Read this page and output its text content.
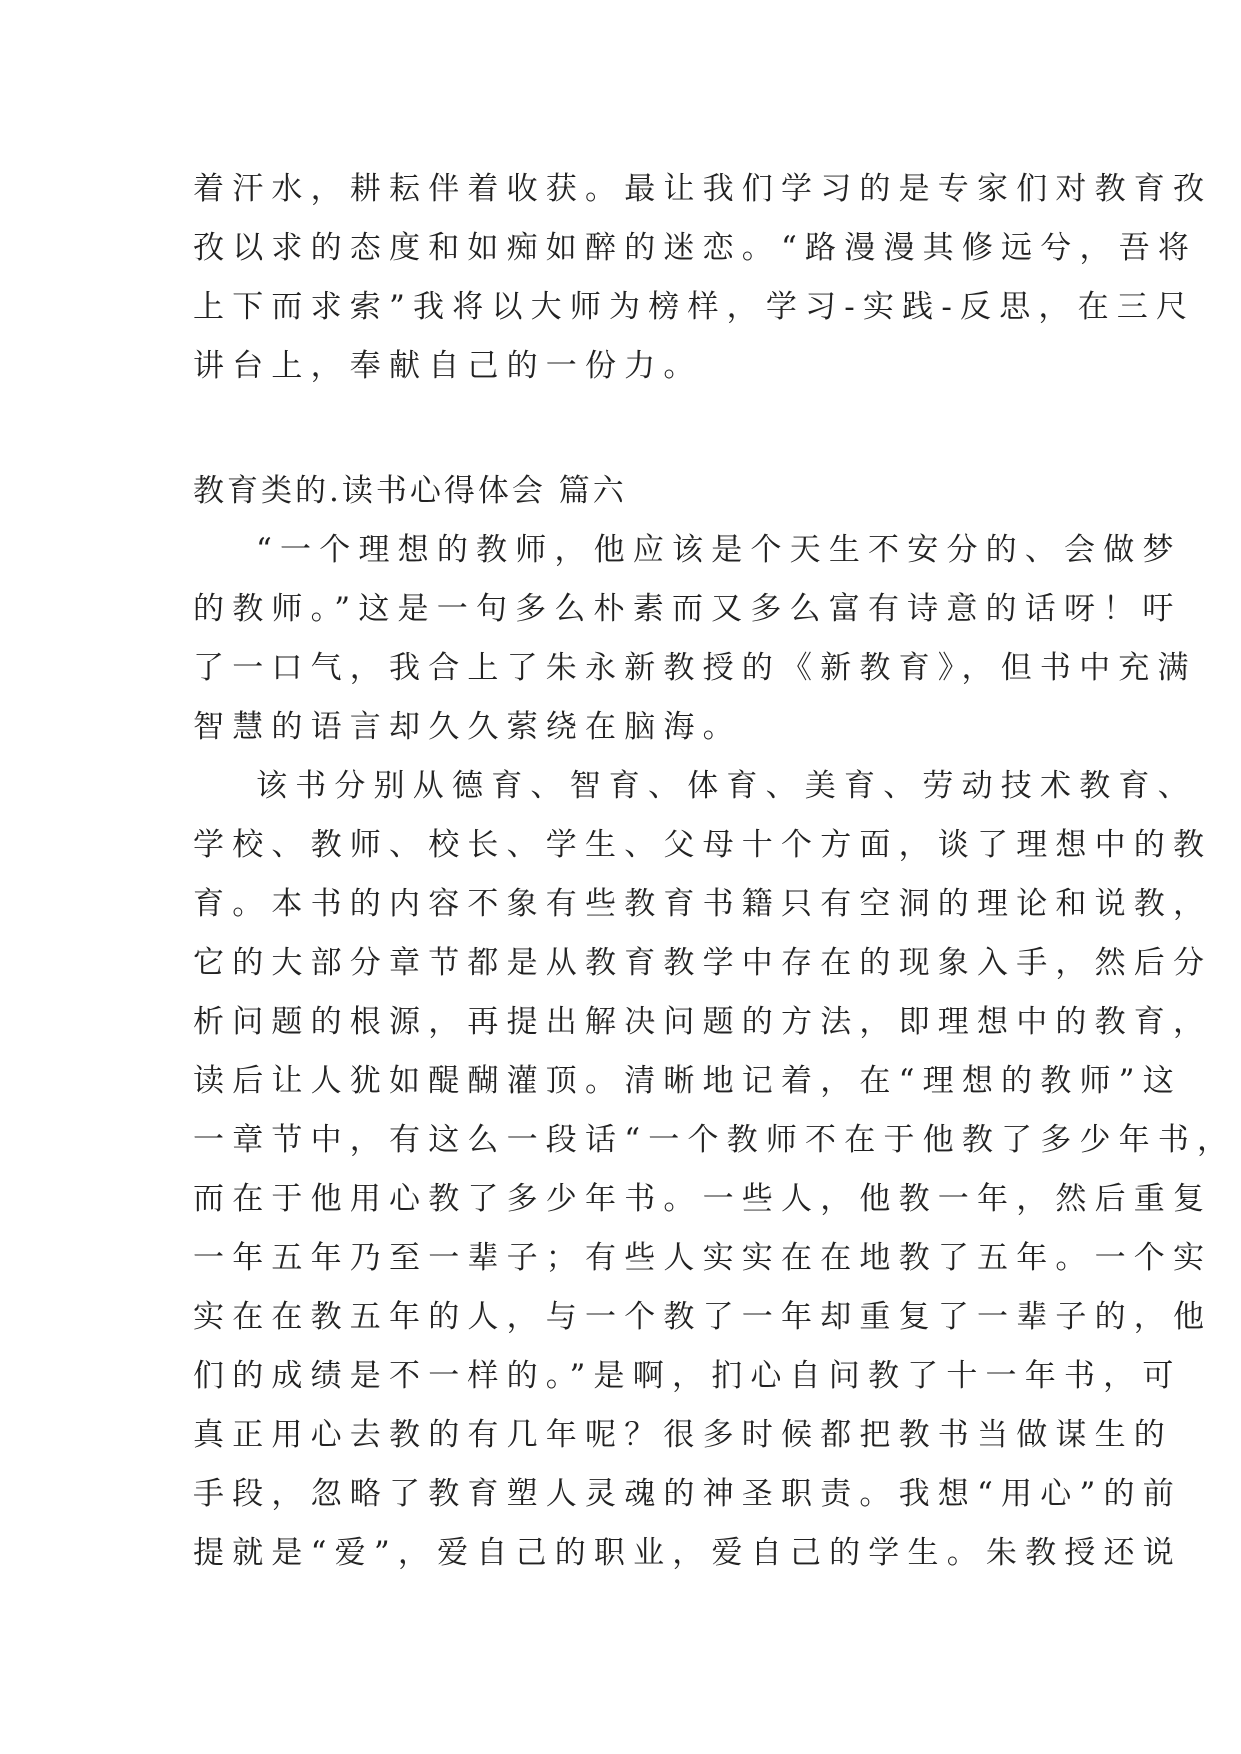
着汗水，耕耘伴着收获。最让我们学习的是专家们对教育孜
孜以求的态度和如痴如醉的迷恋。“路漫漫其修远兮，吾将
上下而求索”我将以大师为榜样，学习-实践-反思，在三尺
讲台上，奉献自己的一份力。
教育类的.读书心得体会 篇六
“一个理想的教师，他应该是个天生不安分的、会做梦
的教师。”这是一句多么朴素而又多么富有诗意的话呀！吁
了一口气，我合上了朱永新教授的《新教育》，但书中充满
智慧的语言却久久萦绕在脑海。
该书分别从德育、智育、体育、美育、劳动技术教育、
学校、教师、校长、学生、父母十个方面，谈了理想中的教
育。本书的内容不象有些教育书籍只有空洞的理论和说教，
它的大部分章节都是从教育教学中存在的现象入手，然后分
析问题的根源，再提出解决问题的方法，即理想中的教育，
读后让人犹如醍醐灌顶。清晰地记着，在“理想的教师”这
一章节中，有这么一段话“一个教师不在于他教了多少年书，
而在于他用心教了多少年书。一些人，他教一年，然后重复
一年五年乃至一辈子；有些人实实在在地教了五年。一个实
实在在教五年的人，与一个教了一年却重复了一辈子的，他
们的成绩是不一样的。”是啊，扪心自问教了十一年书，可
真正用心去教的有几年呢？很多时候都把教书当做谋生的
手段，忽略了教育塑人灵魂的神圣职责。我想“用心”的前
提就是“爱”，爱自己的职业，爱自己的学生。朱教授还说
